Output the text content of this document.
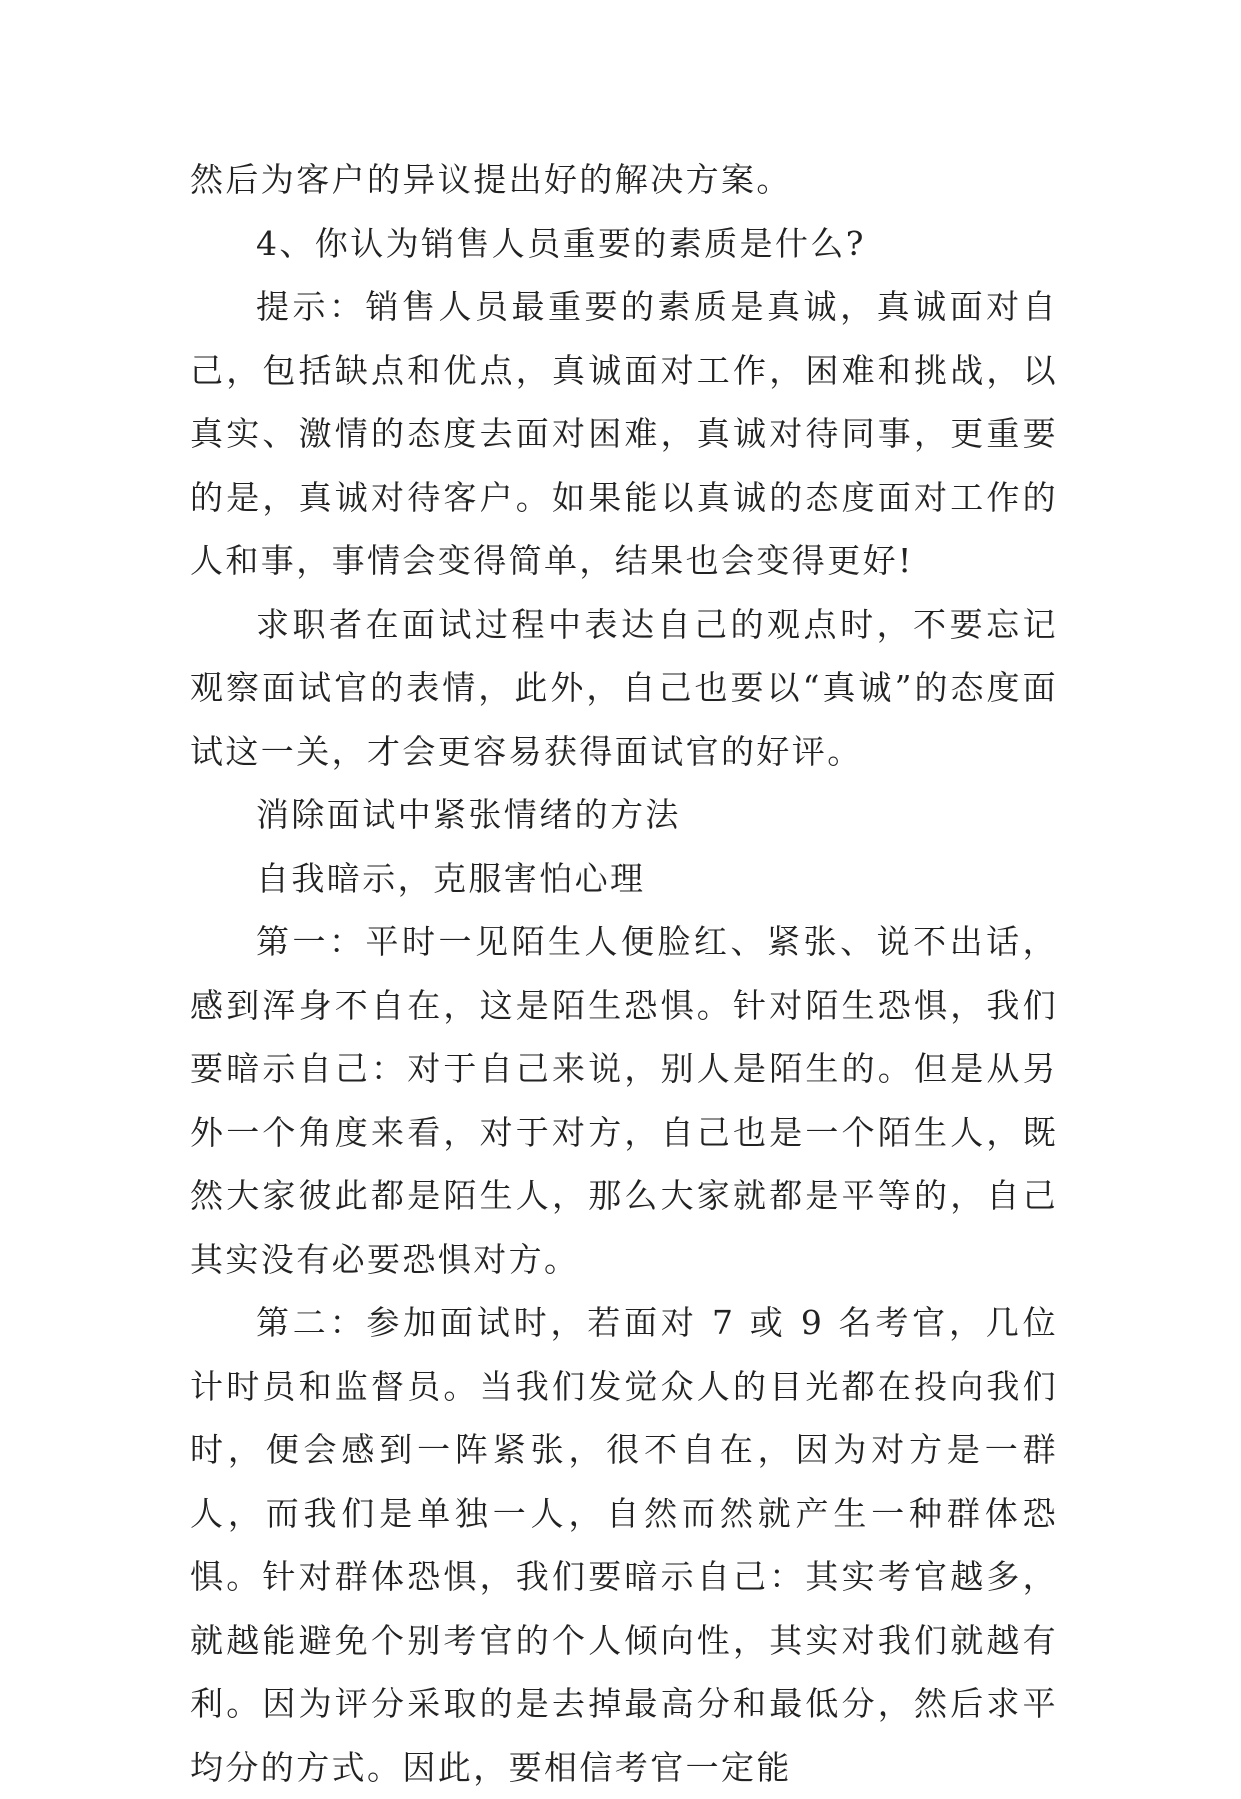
然后为客户的异议提出好的解决方案。

4、你认为销售人员重要的素质是什么?

提示：销售人员最重要的素质是真诚，真诚面对自己，包括缺点和优点，真诚面对工作，困难和挑战，以真实、激情的态度去面对困难，真诚对待同事，更重要的是，真诚对待客户。如果能以真诚的态度面对工作的人和事，事情会变得简单，结果也会变得更好!

求职者在面试过程中表达自己的观点时，不要忘记观察面试官的表情，此外，自己也要以“真诚”的态度面试这一关，才会更容易获得面试官的好评。

消除面试中紧张情绪的方法

自我暗示，克服害怕心理

第一：平时一见陌生人便脸红、紧张、说不出话，感到浑身不自在，这是陌生恐惧。针对陌生恐惧，我们要暗示自己：对于自己来说，别人是陌生的。但是从另外一个角度来看，对于对方，自己也是一个陌生人，既然大家彼此都是陌生人，那么大家就都是平等的，自己其实没有必要恐惧对方。

第二：参加面试时，若面对 7 或 9 名考官，几位计时员和监督员。当我们发觉众人的目光都在投向我们时，便会感到一阵紧张，很不自在，因为对方是一群人，而我们是单独一人，自然而然就产生一种群体恐惧。针对群体恐惧，我们要暗示自己：其实考官越多，就越能避免个别考官的个人倾向性，其实对我们就越有利。因为评分采取的是去掉最高分和最低分，然后求平均分的方式。因此，要相信考官一定能
